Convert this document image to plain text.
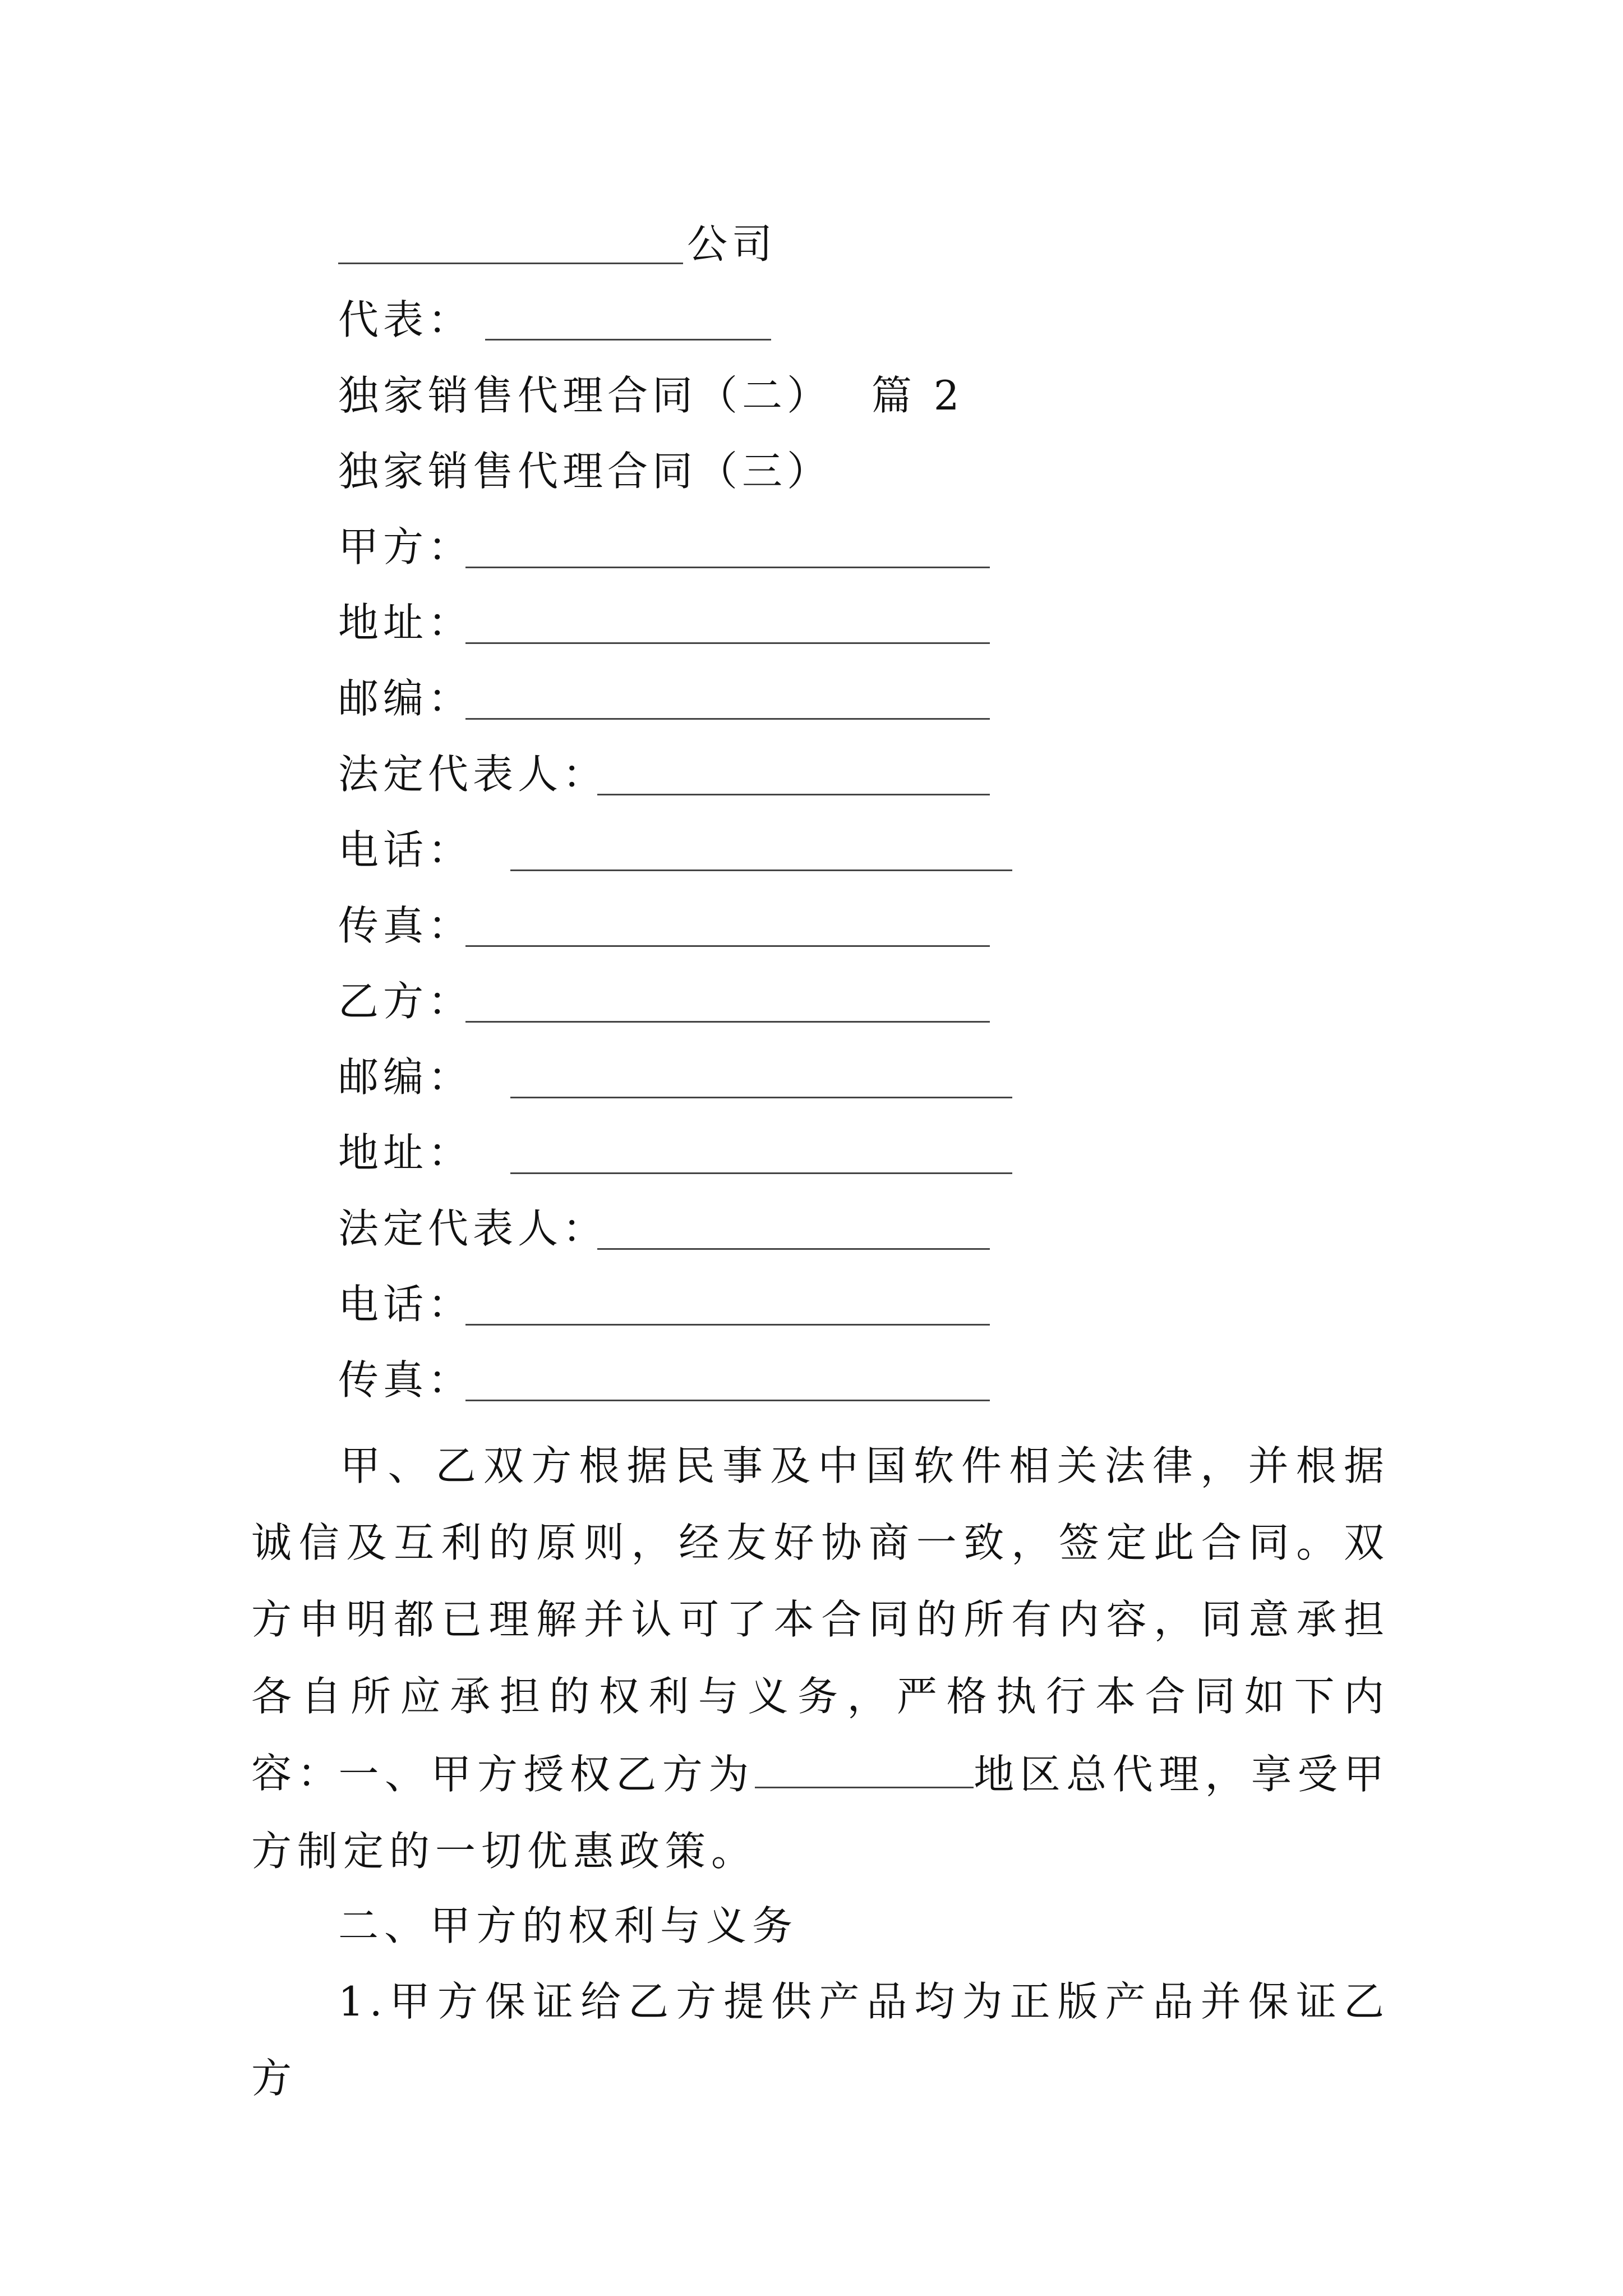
公司
代表：
独家销售代理合同（二） 篇 2
独家销售代理合同（三）
甲方：
地址：
邮编：
法定代表人：
电话：
传真：
乙方：
邮编：
地址：
法定代表人：
电话：
传真：
甲、乙双方根据民事及中国软件相关法律，并根据诚信及互利的原则，经友好协商一致，签定此合同。双方申明都已理解并认可了本合同的所有内容，同意承担各自所应承担的权利与义务，严格执行本合同如下内容：
一、甲方授权乙方为	地区总代理，享受甲方制定的一切优惠政策。
二、甲方的权利与义务
1.甲方保证给乙方提供产品均为正版产品并保证乙方
